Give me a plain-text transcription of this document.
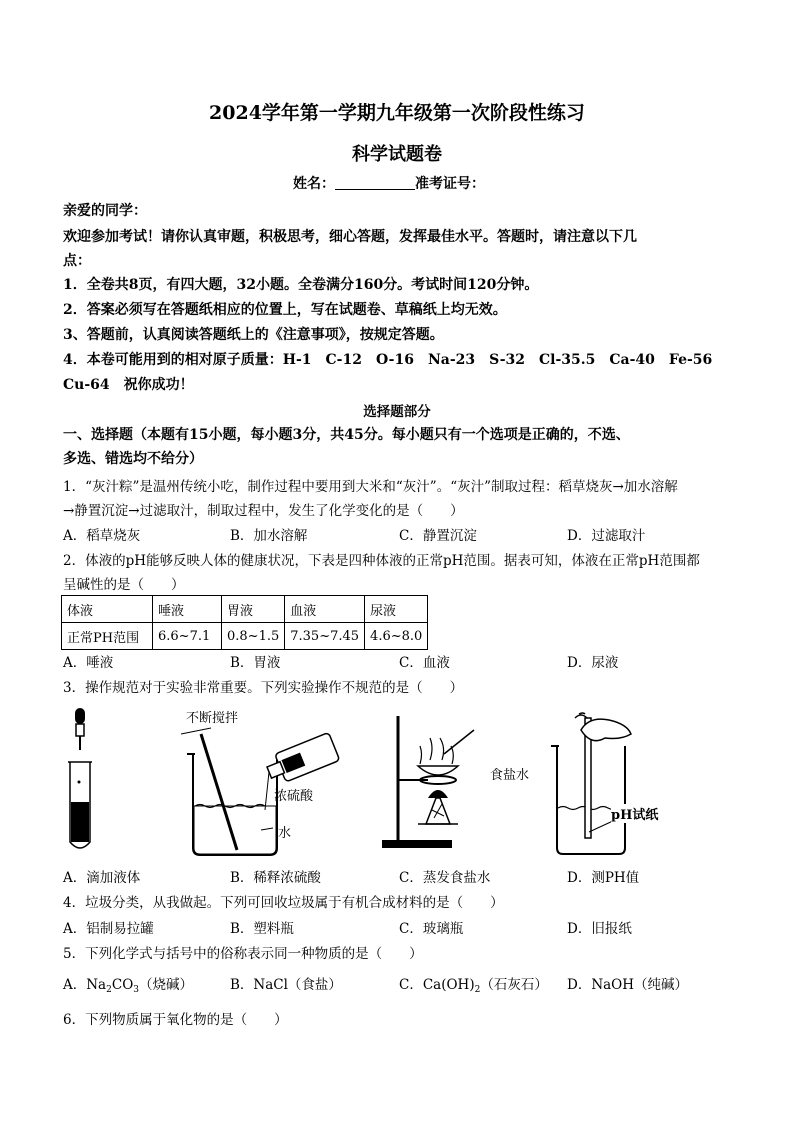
2024学年第一学期九年级第一次阶段性练习
科学试题卷
姓名：	准考证号：
亲爱的同学：
欢迎参加考试！请你认真审题，积极思考，细心答题，发挥最佳水平。答题时，请注意以下几
点：
1．全卷共8页，有四大题，32小题。全卷满分160分。考试时间120分钟。
2．答案必须写在答题纸相应的位置上，写在试题卷、草稿纸上均无效。
3、答题前，认真阅读答题纸上的《注意事项》，按规定答题。
4．本卷可能用到的相对原子质量：H-1　C-12　O-16　Na-23　S-32　Cl-35.5　Ca-40　Fe-56
Cu-64　祝你成功！
选择题部分
一、选择题（本题有15小题，每小题3分，共45分。每小题只有一个选项是正确的，不选、
多选、错选均不给分）
1．“灰汁粽”是温州传统小吃，制作过程中要用到大米和“灰汁”。“灰汁”制取过程：稻草烧灰→加水溶解
→静置沉淀→过滤取汁，制取过程中，发生了化学变化的是（　　）
A．稻草烧灰	B．加水溶解	C．静置沉淀	D．过滤取汁
2．体液的pH能够反映人体的健康状况，下表是四种体液的正常pH范围。据表可知，体液在正常pH范围都
呈碱性的是（　　）
体液	唾液	胃液	血液	尿液
正常PH范围	6.6~7.1	0.8~1.5	7.35~7.45	4.6~8.0
A．唾液	B．胃液	C．血液	D．尿液
3．操作规范对于实验非常重要。下列实验操作不规范的是（　　）
不断搅拌
浓硫酸
水
食盐水
pH试纸
A．滴加液体	B．稀释浓硫酸	C．蒸发食盐水	D．测PH值
4．垃圾分类，从我做起。下列可回收垃圾属于有机合成材料的是（　　）
A．铝制易拉罐	B．塑料瓶	C．玻璃瓶	D．旧报纸
5．下列化学式与括号中的俗称表示同一种物质的是（　　）
A．$Na_2CO_3$（烧碱）	B．NaCl（食盐）	C．$Ca(OH)_2$（石灰石） D．NaOH（纯碱）
6．下列物质属于氧化物的是（　　）
